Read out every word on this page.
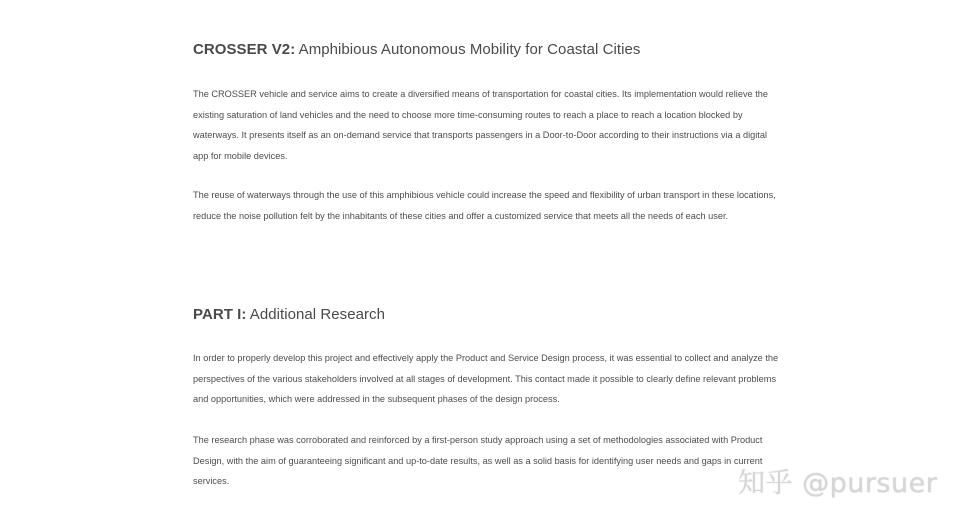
CROSSER V2: Amphibious Autonomous Mobility for Coastal Cities

The CROSSER vehicle and service aims to create a diversified means of transportation for coastal cities. Its implementation would relieve the existing saturation of land vehicles and the need to choose more time-consuming routes to reach a place to reach a location blocked by waterways. It presents itself as an on-demand service that transports passengers in a Door-to-Door according to their instructions via a digital app for mobile devices.

The reuse of waterways through the use of this amphibious vehicle could increase the speed and flexibility of urban transport in these locations, reduce the noise pollution felt by the inhabitants of these cities and offer a customized service that meets all the needs of each user.

PART I: Additional Research

In order to properly develop this project and effectively apply the Product and Service Design process, it was essential to collect and analyze the perspectives of the various stakeholders involved at all stages of development. This contact made it possible to clearly define relevant problems and opportunities, which were addressed in the subsequent phases of the design process.

The research phase was corroborated and reinforced by a first-person study approach using a set of methodologies associated with Product Design, with the aim of guaranteeing significant and up-to-date results, as well as a solid basis for identifying user needs and gaps in current services.	知乎 @pursuer
